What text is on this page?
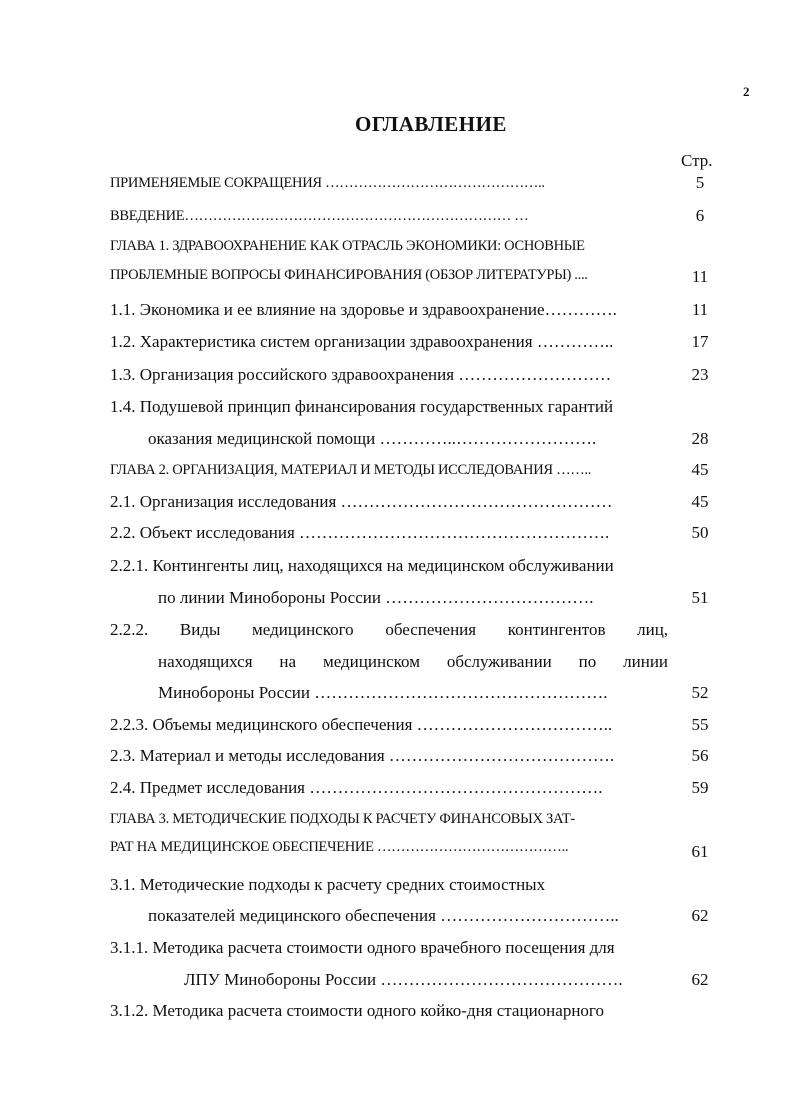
2
ОГЛАВЛЕНИЕ
Стр.
ПРИМЕНЯЕМЫЕ СОКРАЩЕНИЯ ………………………………………..	5
ВВЕДЕНИЕ…………………………………………………………… …	6
ГЛАВА 1. ЗДРАВООХРАНЕНИЕ КАК ОТРАСЛЬ ЭКОНОМИКИ: ОСНОВНЫЕ
ПРОБЛЕМНЫЕ ВОПРОСЫ ФИНАНСИРОВАНИЯ (ОБЗОР ЛИТЕРАТУРЫ) ....	11
1.1. Экономика и ее влияние на здоровье и здравоохранение………….	11
1.2. Характеристика систем организации здравоохранения …………..	17
1.3. Организация российского здравоохранения ………………………	23
1.4. Подушевой принцип финансирования государственных гарантий
оказания медицинской помощи …………..…………………….	28
ГЛАВА 2. ОРГАНИЗАЦИЯ, МАТЕРИАЛ И МЕТОДЫ ИССЛЕДОВАНИЯ ……..	45
2.1. Организация исследования …………………………………………	45
2.2. Объект исследования ……………………………………………….	50
2.2.1. Контингенты лиц, находящихся на медицинском обслуживании
по линии Минобороны России ……………………………….	51
2.2.2. Виды медицинского обеспечения контингентов лиц,
находящихся на медицинском обслуживании по линии
Минобороны России …………………………………………….	52
2.2.3. Объемы медицинского обеспечения ……………………………..	55
2.3. Материал и методы исследования ………………………………….	56
2.4. Предмет исследования …………………………………………….	59
ГЛАВА 3. МЕТОДИЧЕСКИЕ ПОДХОДЫ К РАСЧЕТУ ФИНАНСОВЫХ ЗАТ-
РАТ НА МЕДИЦИНСКОЕ ОБЕСПЕЧЕНИЕ …………………………………..	61
3.1. Методические подходы к расчету средних стоимостных
показателей медицинского обеспечения …………………………..	62
3.1.1. Методика расчета стоимости одного врачебного посещения для
ЛПУ Минобороны России …………………………………….	62
3.1.2. Методика расчета стоимости одного койко-дня стационарного
